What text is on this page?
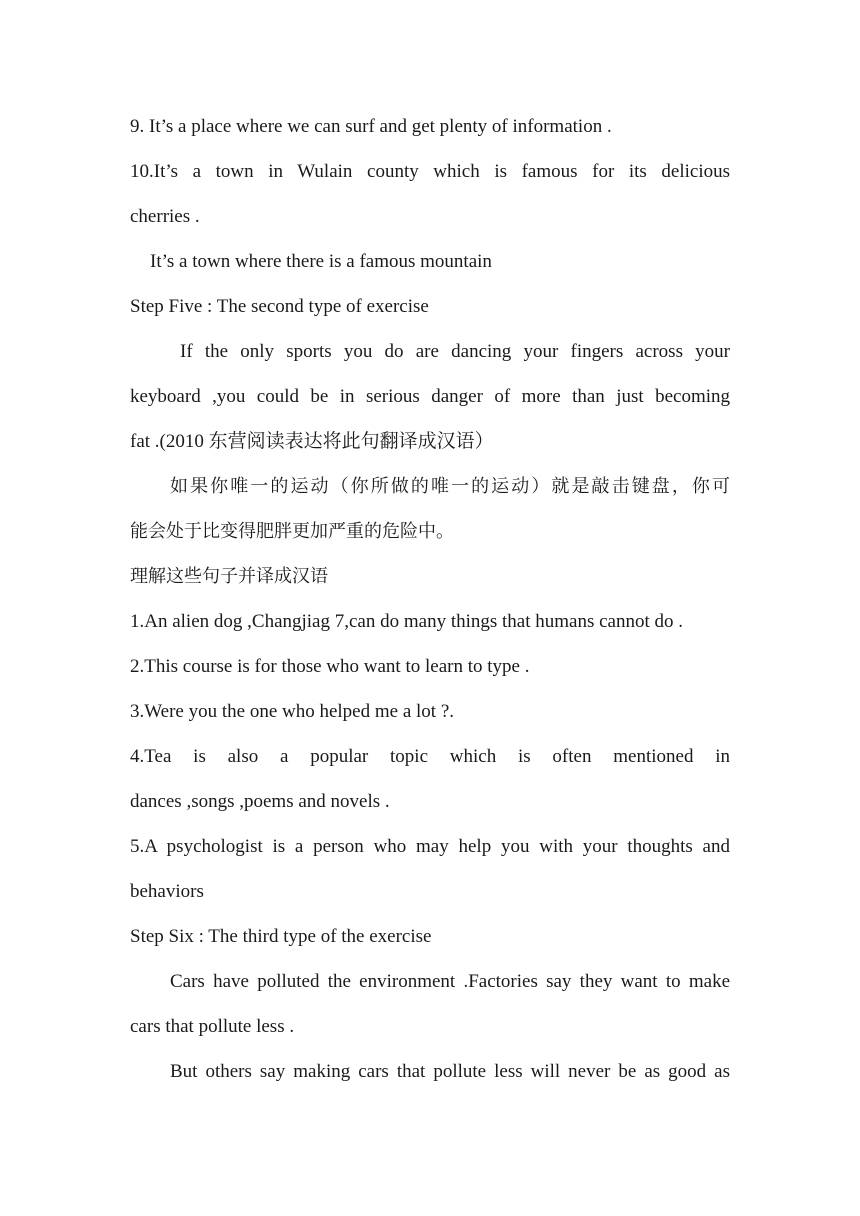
9. It’s a place where we can surf and get plenty of information .
10.It’s a town in Wulain county which is famous for its delicious
cherries .
It’s a town where there is a famous mountain
Step Five : The second type of exercise
If the only sports you do are dancing your fingers across your
keyboard ,you could be in serious danger of more than just becoming
fat .(2010 东营阅读表达将此句翻译成汉语）
如果你唯一的运动（你所做的唯一的运动）就是敲击键盘，你可
能会处于比变得肥胖更加严重的危险中。
理解这些句子并译成汉语
1.An alien dog ,Changjiag 7,can do many things that humans cannot do .
2.This course is for those who want to learn to type .
3.Were you the one who helped me a lot ?.
4.Tea is also a popular topic which is often mentioned in
dances ,songs ,poems and novels .
5.A psychologist is a person who may help you with your thoughts and
behaviors
Step Six : The third type of the exercise
Cars have polluted the environment .Factories say they want to make
cars that pollute less .
But others say making cars that pollute less will never be as good as
